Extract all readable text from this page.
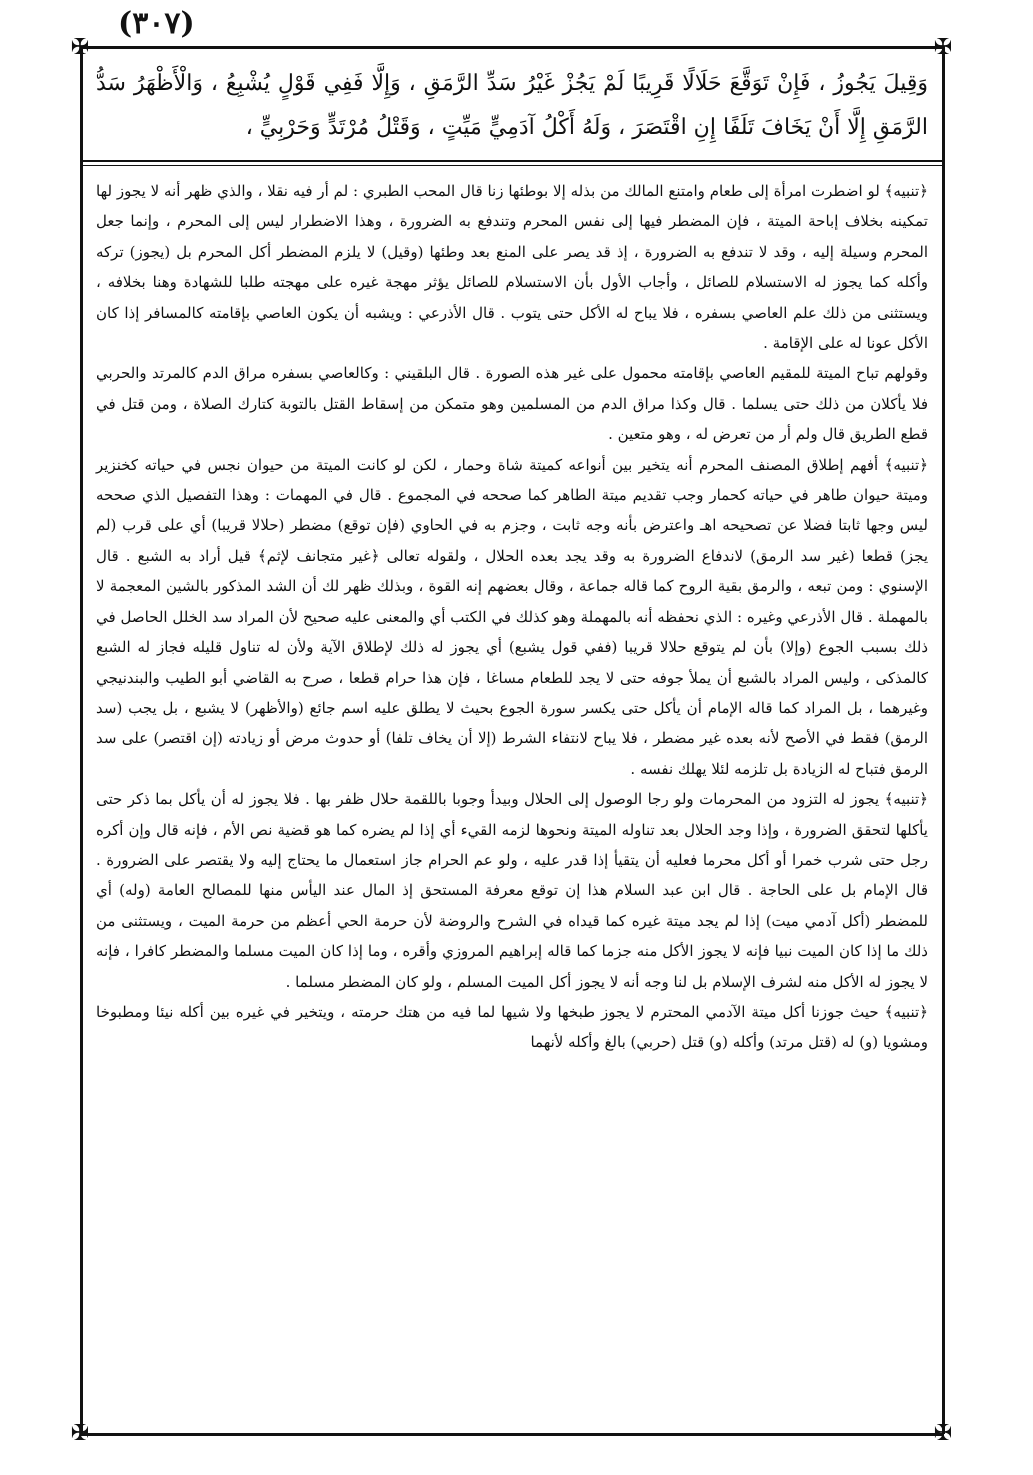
(٣٠٧)
✠	✠
✠	✠
وَقِيلَ يَجُوزُ ، فَإِنْ تَوَقَّعَ حَلَالًا قَرِيبًا لَمْ يَجُزْ غَيْرُ سَدِّ الرَّمَقِ ، وَإِلَّا فَفِي قَوْلٍ يُشْبِعُ ، وَالْأَظْهَرُ سَدُّ الرَّمَقِ إِلَّا أَنْ يَخَافَ تَلَفًا إِنِ اقْتَصَرَ ، وَلَهُ أَكْلُ آدَمِيٍّ مَيِّتٍ ، وَقَتْلُ مُرْتَدٍّ وَحَرْبِيٍّ ،

﴿تنبيه﴾ لو اضطرت امرأة إلى طعام وامتنع المالك من بذله إلا بوطئها زنا قال المحب الطبري : لم أر فيه نقلا ، والذي ظهر أنه لا يجوز لها تمكينه بخلاف إباحة الميتة ، فإن المضطر فيها إلى نفس المحرم وتندفع به الضرورة ، وهذا الاضطرار ليس إلى المحرم ، وإنما جعل المحرم وسيلة إليه ، وقد لا تندفع به الضرورة ، إذ قد يصر على المنع بعد وطئها (وقيل) لا يلزم المضطر أكل المحرم بل (يجوز) تركه وأكله كما يجوز له الاستسلام للصائل ، وأجاب الأول بأن الاستسلام للصائل يؤثر مهجة غيره على مهجته طلبا للشهادة وهنا بخلافه ، ويستثنى من ذلك علم العاصي بسفره ، فلا يباح له الأكل حتى يتوب . قال الأذرعي : ويشبه أن يكون العاصي بإقامته كالمسافر إذا كان الأكل عونا له على الإقامة .

وقولهم تباح الميتة للمقيم العاصي بإقامته محمول على غير هذه الصورة . قال البلقيني : وكالعاصي بسفره مراق الدم كالمرتد والحربي فلا يأكلان من ذلك حتى يسلما . قال وكذا مراق الدم من المسلمين وهو متمكن من إسقاط القتل بالتوبة كتارك الصلاة ، ومن قتل في قطع الطريق قال ولم أر من تعرض له ، وهو متعين .

﴿تنبيه﴾ أفهم إطلاق المصنف المحرم أنه يتخير بين أنواعه كميتة شاة وحمار ، لكن لو كانت الميتة من حيوان نجس في حياته كخنزير وميتة حيوان طاهر في حياته كحمار وجب تقديم ميتة الطاهر كما صححه في المجموع . قال في المهمات : وهذا التفصيل الذي صححه ليس وجها ثابتا فضلا عن تصحيحه اهـ واعترض بأنه وجه ثابت ، وجزم به في الحاوي (فإن توقع) مضطر (حلالا قريبا) أي على قرب (لم يجز) قطعا (غير سد الرمق) لاندفاع الضرورة به وقد يجد بعده الحلال ، ولقوله تعالى ﴿غير متجانف لإثم﴾ قيل أراد به الشبع . قال الإسنوي : ومن تبعه ، والرمق بقية الروح كما قاله جماعة ، وقال بعضهم إنه القوة ، وبذلك ظهر لك أن الشد المذكور بالشين المعجمة لا بالمهملة . قال الأذرعي وغيره : الذي نحفظه أنه بالمهملة وهو كذلك في الكتب أي والمعنى عليه صحيح لأن المراد سد الخلل الحاصل في ذلك بسبب الجوع (وإلا) بأن لم يتوقع حلالا قريبا (ففي قول يشبع) أي يجوز له ذلك لإطلاق الآية ولأن له تناول قليله فجاز له الشبع كالمذكى ، وليس المراد بالشبع أن يملأ جوفه حتى لا يجد للطعام مساغا ، فإن هذا حرام قطعا ، صرح به القاضي أبو الطيب والبندنيجي وغيرهما ، بل المراد كما قاله الإمام أن يأكل حتى يكسر سورة الجوع بحيث لا يطلق عليه اسم جائع (والأظهر) لا يشبع ، بل يجب (سد الرمق) فقط في الأصح لأنه بعده غير مضطر ، فلا يباح لانتفاء الشرط (إلا أن يخاف تلفا) أو حدوث مرض أو زيادته (إن اقتصر) على سد الرمق فتباح له الزيادة بل تلزمه لئلا يهلك نفسه .

﴿تنبيه﴾ يجوز له التزود من المحرمات ولو رجا الوصول إلى الحلال وبيدأ وجوبا باللقمة حلال ظفر بها . فلا يجوز له أن يأكل بما ذكر حتى يأكلها لتحقق الضرورة ، وإذا وجد الحلال بعد تناوله الميتة ونحوها لزمه القيء أي إذا لم يضره كما هو قضية نص الأم ، فإنه قال وإن أكره رجل حتى شرب خمرا أو أكل محرما فعليه أن يتقيأ إذا قدر عليه ، ولو عم الحرام جاز استعمال ما يحتاج إليه ولا يقتصر على الضرورة . قال الإمام بل على الحاجة . قال ابن عبد السلام هذا إن توقع معرفة المستحق إذ المال عند اليأس منها للمصالح العامة (وله) أي للمضطر (أكل آدمي ميت) إذا لم يجد ميتة غيره كما قيداه في الشرح والروضة لأن حرمة الحي أعظم من حرمة الميت ، ويستثنى من ذلك ما إذا كان الميت نبيا فإنه لا يجوز الأكل منه جزما كما قاله إبراهيم المروزي وأقره ، وما إذا كان الميت مسلما والمضطر كافرا ، فإنه لا يجوز له الأكل منه لشرف الإسلام بل لنا وجه أنه لا يجوز أكل الميت المسلم ، ولو كان المضطر مسلما .

﴿تنبيه﴾ حيث جوزنا أكل ميتة الآدمي المحترم لا يجوز طبخها ولا شيها لما فيه من هتك حرمته ، ويتخير في غيره بين أكله نيئا ومطبوخا ومشويا (و) له (قتل مرتد) وأكله (و) قتل (حربي) بالغ وأكله لأنهما
